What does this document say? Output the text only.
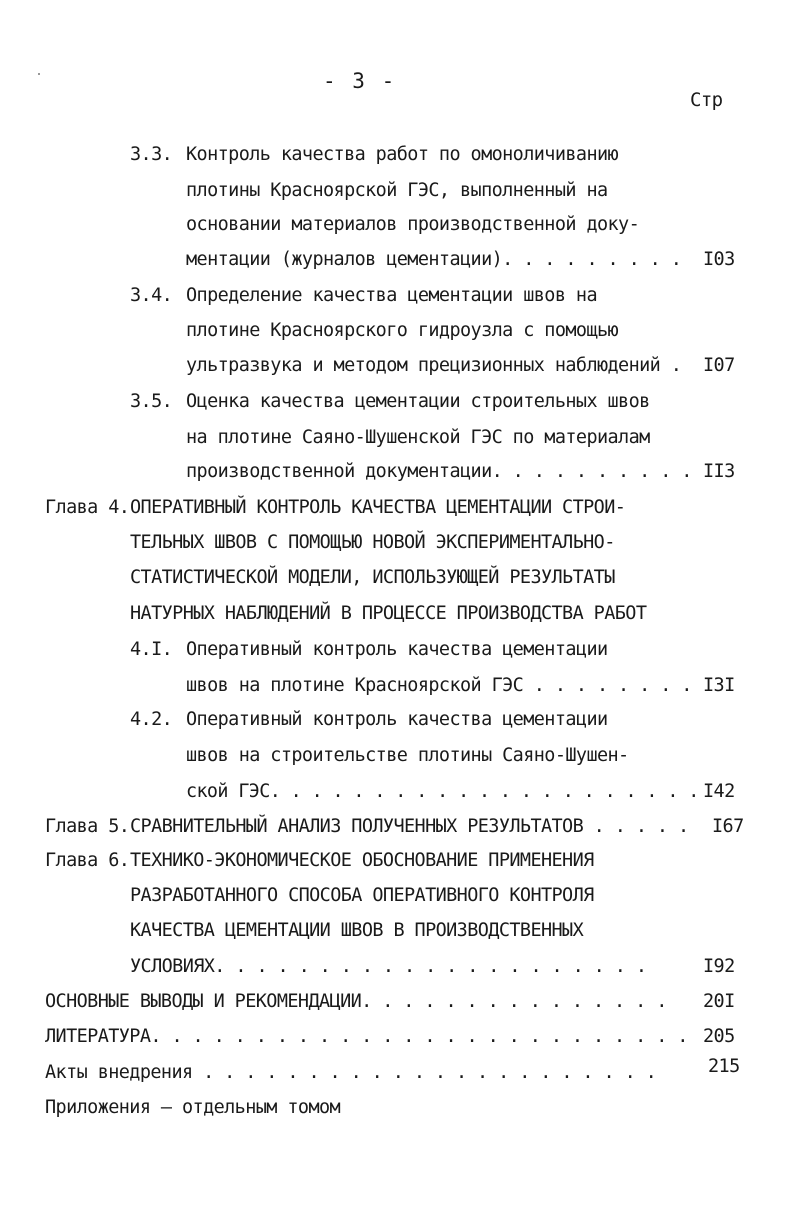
- 3 -
Стр
3.3. Контроль качества работ по омоноличиванию
плотины Красноярской ГЭС, выполненный на
основании материалов производственной доку-
ментации (журналов цементации). . . . . . . . . I03
3.4. Определение качества цементации швов на
плотине Красноярского гидроузла с помощью
ультразвука и методом прецизионных наблюдений . I07
3.5. Оценка качества цементации строительных швов
на плотине Саяно-Шушенской ГЭС по материалам
производственной документации. . . . . . . . . . II3
Глава 4. ОПЕРАТИВНЫЙ КОНТРОЛЬ КАЧЕСТВА ЦЕМЕНТАЦИИ СТРОИ-
ТЕЛЬНЫХ ШВОВ С ПОМОЩЬЮ НОВОЙ ЭКСПЕРИМЕНТАЛЬНО-
СТАТИСТИЧЕСКОЙ МОДЕЛИ, ИСПОЛЬЗУЮЩЕЙ РЕЗУЛЬТАТЫ
НАТУРНЫХ НАБЛЮДЕНИЙ В ПРОЦЕССЕ ПРОИЗВОДСТВА РАБОТ
4.I. Оперативный контроль качества цементации
швов на плотине Красноярской ГЭС . . . . . . . . I3I
4.2. Оперативный контроль качества цементации
швов на строительстве плотины Саяно-Шушен-
ской ГЭС. . . . . . . . . . . . . . . . . . . . . I42
Глава 5. СРАВНИТЕЛЬНЫЙ АНАЛИЗ ПОЛУЧЕННЫХ РЕЗУЛЬТАТОВ . . . . . I67
Глава 6. ТЕХНИКО-ЭКОНОМИЧЕСКОЕ ОБОСНОВАНИЕ ПРИМЕНЕНИЯ
РАЗРАБОТАННОГО СПОСОБА ОПЕРАТИВНОГО КОНТРОЛЯ
КАЧЕСТВА ЦЕМЕНТАЦИИ ШВОВ В ПРОИЗВОДСТВЕННЫХ
УСЛОВИЯХ. . . . . . . . . . . . . . . . . . . . .	I92
ОСНОВНЫЕ ВЫВОДЫ И РЕКОМЕНДАЦИИ. . . . . . . . . . . . . . . 20I
ЛИТЕРАТУРА. . . . . . . . . . . . . . . . . . . . . . . . . . 205
Акты внедрения . . . . . . . . . . . . . . . . . . . . . .	215
Приложения – отдельным томом
